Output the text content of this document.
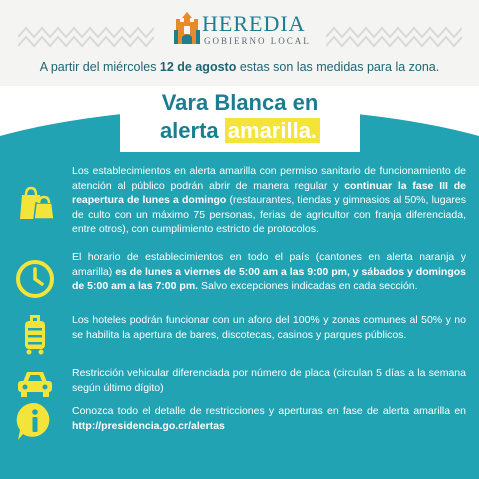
HEREDIA
GOBIERNO LOCAL
A partir del miércoles 12 de agosto estas son las medidas para la zona.
Vara Blanca en
alerta amarilla.
Los establecimientos en alerta amarilla con permiso sanitario de funcionamiento de atención al público podrán abrir de manera regular y continuar la fase III de reapertura de lunes a domingo (restaurantes, tiendas y gimnasios al 50%, lugares de culto con un máximo 75 personas, ferias de agricultor con franja diferenciada, entre otros), con cumplimiento estricto de protocolos.
El horario de establecimientos en todo el país (cantones en alerta naranja y amarilla) es de lunes a viernes de 5:00 am a las 9:00 pm, y sábados y domingos de 5:00 am a las 7:00 pm. Salvo excepciones indicadas en cada sección.
Los hoteles podrán funcionar con un aforo del 100% y zonas comunes al 50% y no se habilita la apertura de bares, discotecas, casinos y parques públicos.
Restricción vehicular diferenciada por número de placa (circulan 5 días a la semana según último dígito)
Conozca todo el detalle de restricciones y aperturas en fase de alerta amarilla en http://presidencia.go.cr/alertas
